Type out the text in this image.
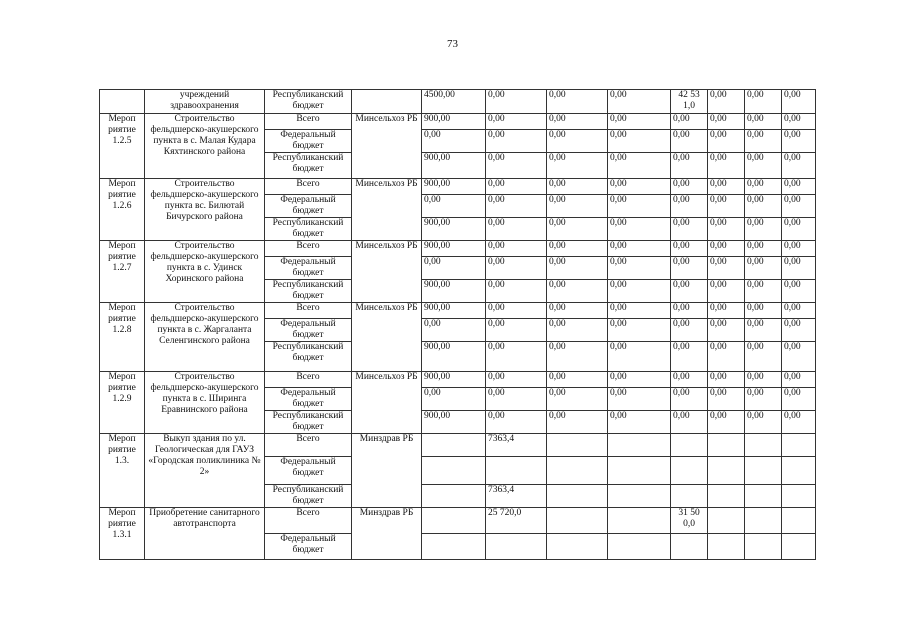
73
	учреждений здравоохранения	Республиканский бюджет		4500,00	0,00	0,00	0,00	42 53 1,0	0,00	0,00	0,00
Мероп риятие 1.2.5	Строительство фельдшерско-акушерского пункта в с. Малая Кудара Кяхтинского района	Всего	Минсельхоз РБ	900,00	0,00	0,00	0,00	0,00	0,00	0,00	0,00
		Федеральный бюджет		0,00	0,00	0,00	0,00	0,00	0,00	0,00	0,00
		Республиканский бюджет		900,00	0,00	0,00	0,00	0,00	0,00	0,00	0,00
Мероп риятие 1.2.6	Строительство фельдшерско-акушерского пункта вс. Билютай Бичурского района	Всего	Минсельхоз РБ	900,00	0,00	0,00	0,00	0,00	0,00	0,00	0,00
		Федеральный бюджет		0,00	0,00	0,00	0,00	0,00	0,00	0,00	0,00
		Республиканский бюджет		900,00	0,00	0,00	0,00	0,00	0,00	0,00	0,00
Мероп риятие 1.2.7	Строительство фельдшерско-акушерского пункта в с. Удинск Хоринского района	Всего	Минсельхоз РБ	900,00	0,00	0,00	0,00	0,00	0,00	0,00	0,00
		Федеральный бюджет		0,00	0,00	0,00	0,00	0,00	0,00	0,00	0,00
		Республиканский бюджет		900,00	0,00	0,00	0,00	0,00	0,00	0,00	0,00
Мероп риятие 1.2.8	Строительство фельдшерско-акушерского пункта в с. Жаргаланта Селенгинского района	Всего	Минсельхоз РБ	900,00	0,00	0,00	0,00	0,00	0,00	0,00	0,00
		Федеральный бюджет		0,00	0,00	0,00	0,00	0,00	0,00	0,00	0,00
		Республиканский бюджет		900,00	0,00	0,00	0,00	0,00	0,00	0,00	0,00
Мероп риятие 1.2.9	Строительство фельдшерско-акушерского пункта в с. Ширинга Еравнинского района	Всего	Минсельхоз РБ	900,00	0,00	0,00	0,00	0,00	0,00	0,00	0,00
		Федеральный бюджет		0,00	0,00	0,00	0,00	0,00	0,00	0,00	0,00
		Республиканский бюджет		900,00	0,00	0,00	0,00	0,00	0,00	0,00	0,00
Мероп риятие 1.3.	Выкуп здания по ул. Геологическая для ГАУЗ «Городская поликлиника № 2»	Всего	Минздрав РБ		7363,4						
		Федеральный бюджет									
		Республиканский бюджет			7363,4						
Мероп риятие 1.3.1	Приобретение санитарного автотранспорта	Всего	Минздрав РБ		25 720,0			31 50 0,0			
		Федеральный бюджет									
